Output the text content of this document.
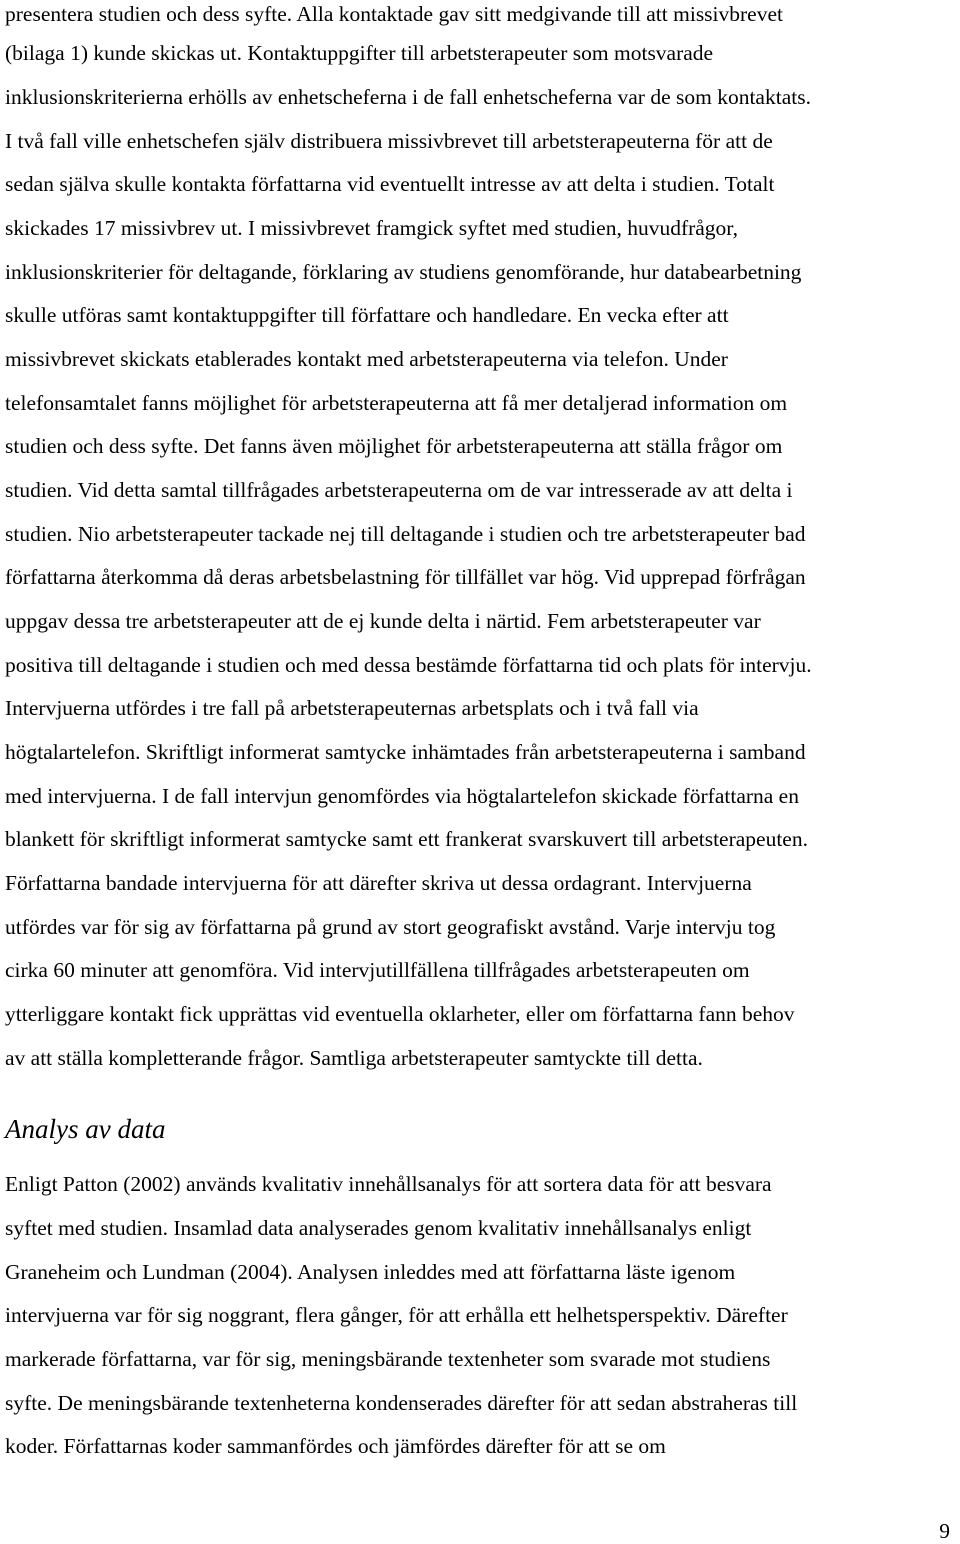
presentera studien och dess syfte. Alla kontaktade gav sitt medgivande till att missivbrevet
(bilaga 1) kunde skickas ut. Kontaktuppgifter till arbetsterapeuter som motsvarade
inklusionskriterierna erhölls av enhetscheferna i de fall enhetscheferna var de som kontaktats.
I två fall ville enhetschefen själv distribuera missivbrevet till arbetsterapeuterna för att de
sedan själva skulle kontakta författarna vid eventuellt intresse av att delta i studien. Totalt
skickades 17 missivbrev ut. I missivbrevet framgick syftet med studien, huvudfrågor,
inklusionskriterier för deltagande, förklaring av studiens genomförande, hur databearbetning
skulle utföras samt kontaktuppgifter till författare och handledare. En vecka efter att
missivbrevet skickats etablerades kontakt med arbetsterapeuterna via telefon. Under
telefonsamtalet fanns möjlighet för arbetsterapeuterna att få mer detaljerad information om
studien och dess syfte. Det fanns även möjlighet för arbetsterapeuterna att ställa frågor om
studien. Vid detta samtal tillfrågades arbetsterapeuterna om de var intresserade av att delta i
studien. Nio arbetsterapeuter tackade nej till deltagande i studien och tre arbetsterapeuter bad
författarna återkomma då deras arbetsbelastning för tillfället var hög. Vid upprepad förfrågan
uppgav dessa tre arbetsterapeuter att de ej kunde delta i närtid. Fem arbetsterapeuter var
positiva till deltagande i studien och med dessa bestämde författarna tid och plats för intervju.
Intervjuerna utfördes i tre fall på arbetsterapeuternas arbetsplats och i två fall via
högtalartelefon. Skriftligt informerat samtycke inhämtades från arbetsterapeuterna i samband
med intervjuerna. I de fall intervjun genomfördes via högtalartelefon skickade författarna en
blankett för skriftligt informerat samtycke samt ett frankerat svarskuvert till arbetsterapeuten.
Författarna bandade intervjuerna för att därefter skriva ut dessa ordagrant. Intervjuerna
utfördes var för sig av författarna på grund av stort geografiskt avstånd. Varje intervju tog
cirka 60 minuter att genomföra. Vid intervjutillfällena tillfrågades arbetsterapeuten om
ytterliggare kontakt fick upprättas vid eventuella oklarheter, eller om författarna fann behov
av att ställa kompletterande frågor. Samtliga arbetsterapeuter samtyckte till detta.
Analys av data
Enligt Patton (2002) används kvalitativ innehållsanalys för att sortera data för att besvara
syftet med studien. Insamlad data analyserades genom kvalitativ innehållsanalys enligt
Graneheim och Lundman (2004). Analysen inleddes med att författarna läste igenom
intervjuerna var för sig noggrant, flera gånger, för att erhålla ett helhetsperspektiv. Därefter
markerade författarna, var för sig, meningsbärande textenheter som svarade mot studiens
syfte. De meningsbärande textenheterna kondenserades därefter för att sedan abstraheras till
koder. Författarnas koder sammanfördes och jämfördes därefter för att se om
9
